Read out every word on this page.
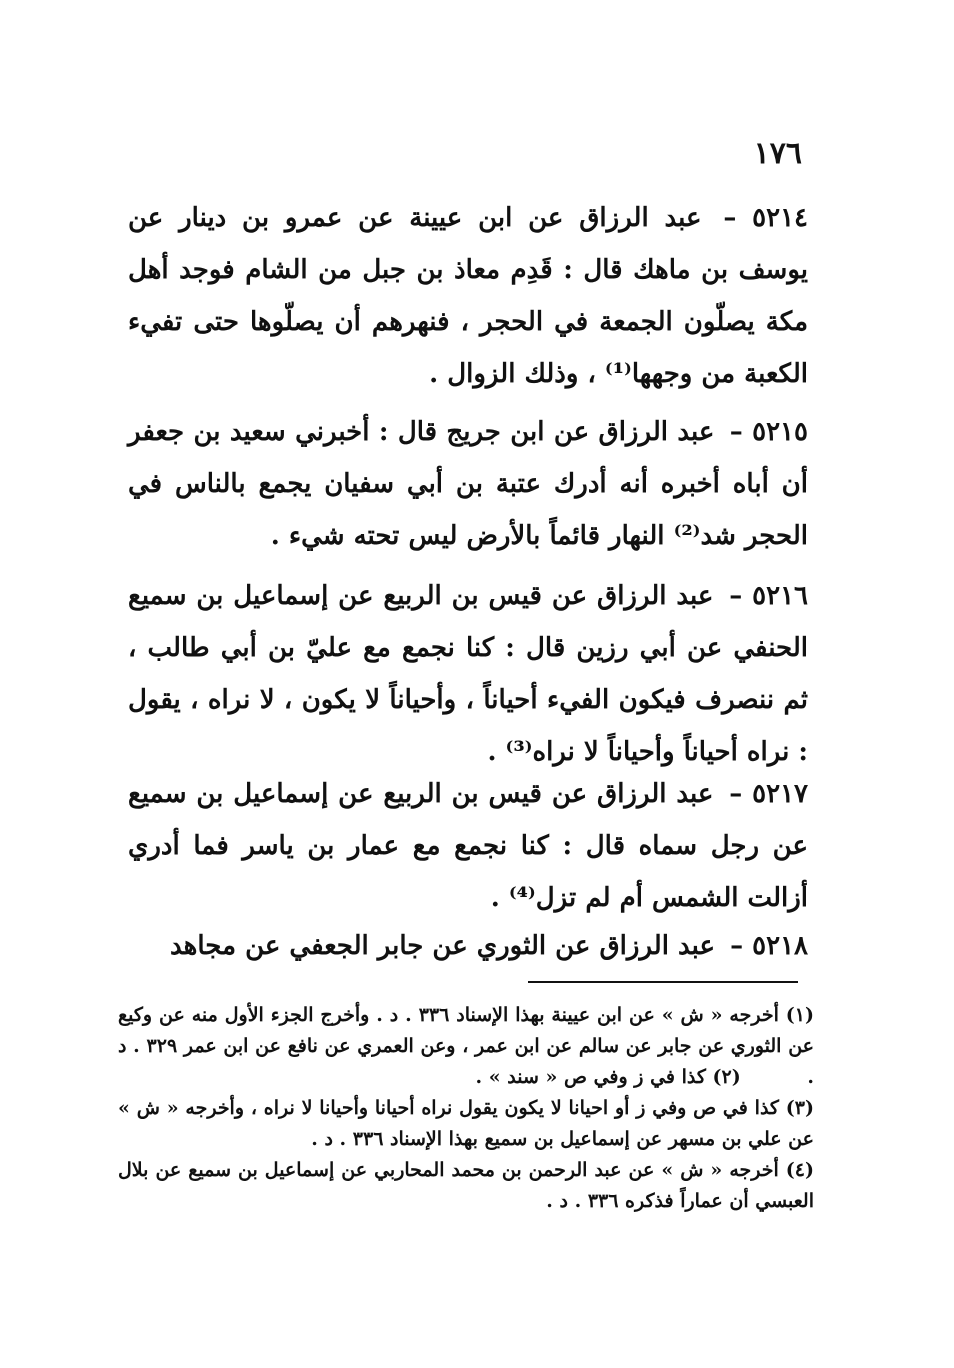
١٧٦
٥٢١٤ – عبد الرزاق عن ابن عيينة عن عمرو بن دينار عن يوسف بن ماهك قال : قَدِم معاذ بن جبل من الشام فوجد أهل مكة يصلّون الجمعة في الحجر ، فنهرهم أن يصلّوها حتى تفيء الكعبة من وجهها⁽¹⁾ ، وذلك الزوال .
٥٢١٥ – عبد الرزاق عن ابن جريج قال : أخبرني سعيد بن جعفر أن أباه أخبره أنه أدرك عتبة بن أبي سفيان يجمع بالناس في الحجر شد⁽²⁾ النهار قائماً بالأرض ليس تحته شيء .
٥٢١٦ – عبد الرزاق عن قيس بن الربيع عن إسماعيل بن سميع الحنفي عن أبي رزين قال : كنا نجمع مع عليّ بن أبي طالب ، ثم ننصرف فيكون الفيء أحياناً ، وأحياناً لا يكون ، لا نراه ، يقول : نراه أحياناً وأحياناً لا نراه⁽³⁾ .
٥٢١٧ – عبد الرزاق عن قيس بن الربيع عن إسماعيل بن سميع عن رجل سماه قال : كنا نجمع مع عمار بن ياسر فما أدري أزالت الشمس أم لم تزل⁽⁴⁾ .
٥٢١٨ – عبد الرزاق عن الثوري عن جابر الجعفي عن مجاهد

(١) أخرجه « ش » عن ابن عيينة بهذا الإسناد ٣٣٦ . د . وأخرج الجزء الأول منه عن وكيع عن الثوري عن جابر عن سالم عن ابن عمر ، وعن العمري عن نافع عن ابن عمر ٣٢٩ . د . (٢) كذا في ز وفي ص « سند » .

(٣) كذا في ص وفي ز أو احيانا لا يكون يقول نراه أحيانا وأحيانا لا نراه ، وأخرجه « ش » عن علي بن مسهر عن إسماعيل بن سميع بهذا الإسناد ٣٣٦ . د .

(٤) أخرجه « ش » عن عبد الرحمن بن محمد المحاربي عن إسماعيل بن سميع عن بلال العبسي أن عماراً فذكره ٣٣٦ . د .
